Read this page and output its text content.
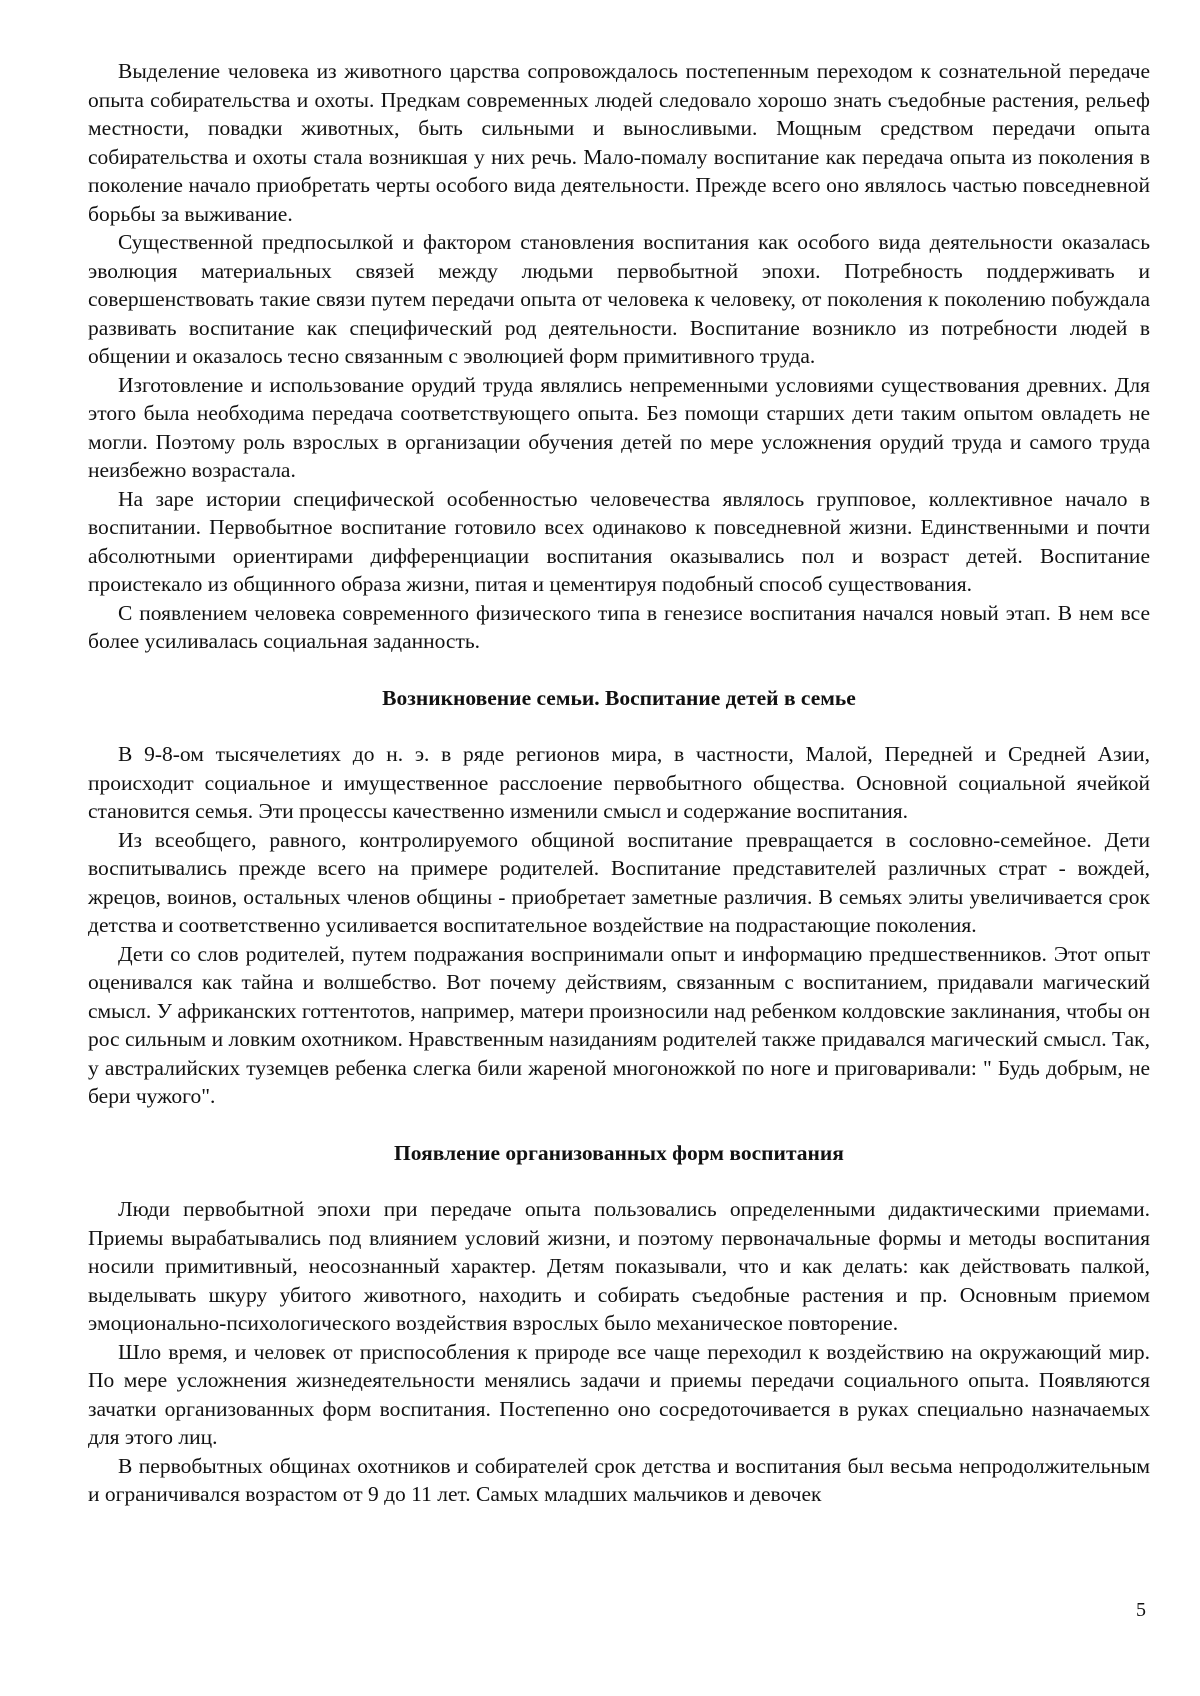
Выделение человека из животного царства сопровождалось постепенным переходом к сознательной передаче опыта собирательства и охоты. Предкам современных людей следовало хорошо знать съедобные растения, рельеф местности, повадки животных, быть сильными и выносливыми. Мощным средством передачи опыта собирательства и охоты стала возникшая у них речь. Мало-помалу воспитание как передача опыта из поколения в поколение начало приобретать черты особого вида деятельности. Прежде всего оно являлось частью повседневной борьбы за выживание.

Существенной предпосылкой и фактором становления воспитания как особого вида деятельности оказалась эволюция материальных связей между людьми первобытной эпохи. Потребность поддерживать и совершенствовать такие связи путем передачи опыта от человека к человеку, от поколения к поколению побуждала развивать воспитание как специфический род деятельности. Воспитание возникло из потребности людей в общении и оказалось тесно связанным с эволюцией форм примитивного труда.

Изготовление и использование орудий труда являлись непременными условиями существования древних. Для этого была необходима передача соответствующего опыта. Без помощи старших дети таким опытом овладеть не могли. Поэтому роль взрослых в организации обучения детей по мере усложнения орудий труда и самого труда неизбежно возрастала.

На заре истории специфической особенностью человечества являлось групповое, коллективное начало в воспитании. Первобытное воспитание готовило всех одинаково к повседневной жизни. Единственными и почти абсолютными ориентирами дифференциации воспитания оказывались пол и возраст детей. Воспитание проистекало из общинного образа жизни, питая и цементируя подобный способ существования.

С появлением человека современного физического типа в генезисе воспитания начался новый этап. В нем все более усиливалась социальная заданность.

Возникновение семьи. Воспитание детей в семье

В 9-8-ом тысячелетиях до н. э. в ряде регионов мира, в частности, Малой, Передней и Средней Азии, происходит социальное и имущественное расслоение первобытного общества. Основной социальной ячейкой становится семья. Эти процессы качественно изменили смысл и содержание воспитания.

Из всеобщего, равного, контролируемого общиной воспитание превращается в сословно-семейное. Дети воспитывались прежде всего на примере родителей. Воспитание представителей различных страт - вождей, жрецов, воинов, остальных членов общины - приобретает заметные различия. В семьях элиты увеличивается срок детства и соответственно усиливается воспитательное воздействие на подрастающие поколения.

Дети со слов родителей, путем подражания воспринимали опыт и информацию предшественников. Этот опыт оценивался как тайна и волшебство. Вот почему действиям, связанным с воспитанием, придавали магический смысл. У африканских готтентотов, например, матери произносили над ребенком колдовские заклинания, чтобы он рос сильным и ловким охотником. Нравственным назиданиям родителей также придавался магический смысл. Так, у австралийских туземцев ребенка слегка били жареной многоножкой по ноге и приговаривали: " Будь добрым, не бери чужого".

Появление организованных форм воспитания

Люди первобытной эпохи при передаче опыта пользовались определенными дидактическими приемами. Приемы вырабатывались под влиянием условий жизни, и поэтому первоначальные формы и методы воспитания носили примитивный, неосознанный характер. Детям показывали, что и как делать: как действовать палкой, выделывать шкуру убитого животного, находить и собирать съедобные растения и пр. Основным приемом эмоционально-психологического воздействия взрослых было механическое повторение.

Шло время, и человек от приспособления к природе все чаще переходил к воздействию на окружающий мир. По мере усложнения жизнедеятельности менялись задачи и приемы передачи социального опыта. Появляются зачатки организованных форм воспитания. Постепенно оно сосредоточивается в руках специально назначаемых для этого лиц.

В первобытных общинах охотников и собирателей срок детства и воспитания был весьма непродолжительным и ограничивался возрастом от 9 до 11 лет. Самых младших мальчиков и девочек

5
